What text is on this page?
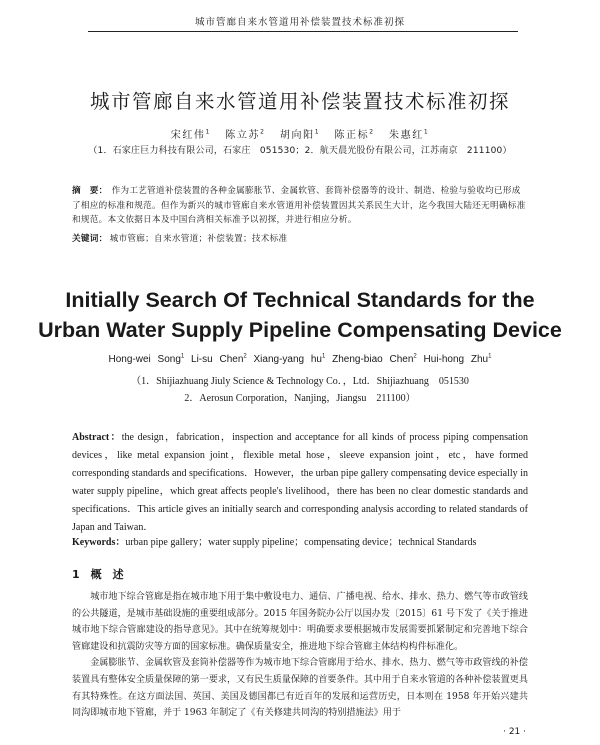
城市管廊自来水管道用补偿装置技术标准初探
城市管廊自来水管道用补偿装置技术标准初探
宋红伟$^1$ 陈立苏$^2$ 胡向阳$^1$ 陈正标$^2$ 朱惠红$^1$
（1．石家庄巨力科技有限公司，石家庄　051530；2．航天晨光股份有限公司，江苏南京　211100）
摘　要： 作为工艺管道补偿装置的各种金属膨胀节、金属软管、套筒补偿器等的设计、制造、检验与验收均已形成了相应的标准和规范。但作为新兴的城市管廊自来水管道用补偿装置因其关系民生大计，迄今我国大陆还无明确标准和规范。本文依据日本及中国台湾相关标准予以初探，并进行相应分析。
关键词： 城市管廊；自来水管道；补偿装置；技术标准
Initially Search Of Technical Standards for the
Urban Water Supply Pipeline Compensating Device
Hong-wei Song$^1$ Li-su Chen$^2$ Xiang-yang $hu^1$ Zheng-biao Chen$^2$ Hui-hong Zhu$^1$
（1．Shijiazhuang Jiuly Science & Technology Co．，Ltd．Shijiazhuang　051530
2．Aerosun Corporation，Nanjing，Jiangsu　211100）
Abstract：the design，fabrication，inspection and acceptance for all kinds of process piping compensation devices，like metal expansion joint，flexible metal hose，sleeve expansion joint，etc，have formed corresponding standards and specifications．However，the urban pipe gallery compensating device especially in water supply pipeline，which great affects people's livelihood，there has been no clear domestic standards and specifications．This article gives an initially search and corresponding analysis according to related standards of Japan and Taiwan．
Keywords：urban pipe gallery；water supply pipeline；compensating device；technical Standards
1　概　述

城市地下综合管廊是指在城市地下用于集中敷设电力、通信、广播电视、给水、排水、热力、燃气等市政管线的公共隧道，是城市基础设施的重要组成部分。2015 年国务院办公厅以国办发〔2015〕61 号下发了《关于推进城市地下综合管廊建设的指导意见》。其中在统筹规划中：明确要求要根据城市发展需要抓紧制定和完善地下综合管廊建设和抗震防灾等方面的国家标准。确保质量安全，推进地下综合管廊主体结构构件标准化。

金属膨胀节、金属软管及套筒补偿器等作为城市地下综合管廊用于给水、排水、热力、燃气等市政管线的补偿装置具有整体安全质量保障的第一要求，又有民生质量保障的首要条件。其中用于自来水管道的各种补偿装置更具有其特殊性。在这方面法国、英国、美国及德国都已有近百年的发展和运营历史，日本则在 1958 年开始兴建共同沟即城市地下管廊，并于 1963 年制定了《有关修建共同沟的特别措施法》用于

· 21 ·
